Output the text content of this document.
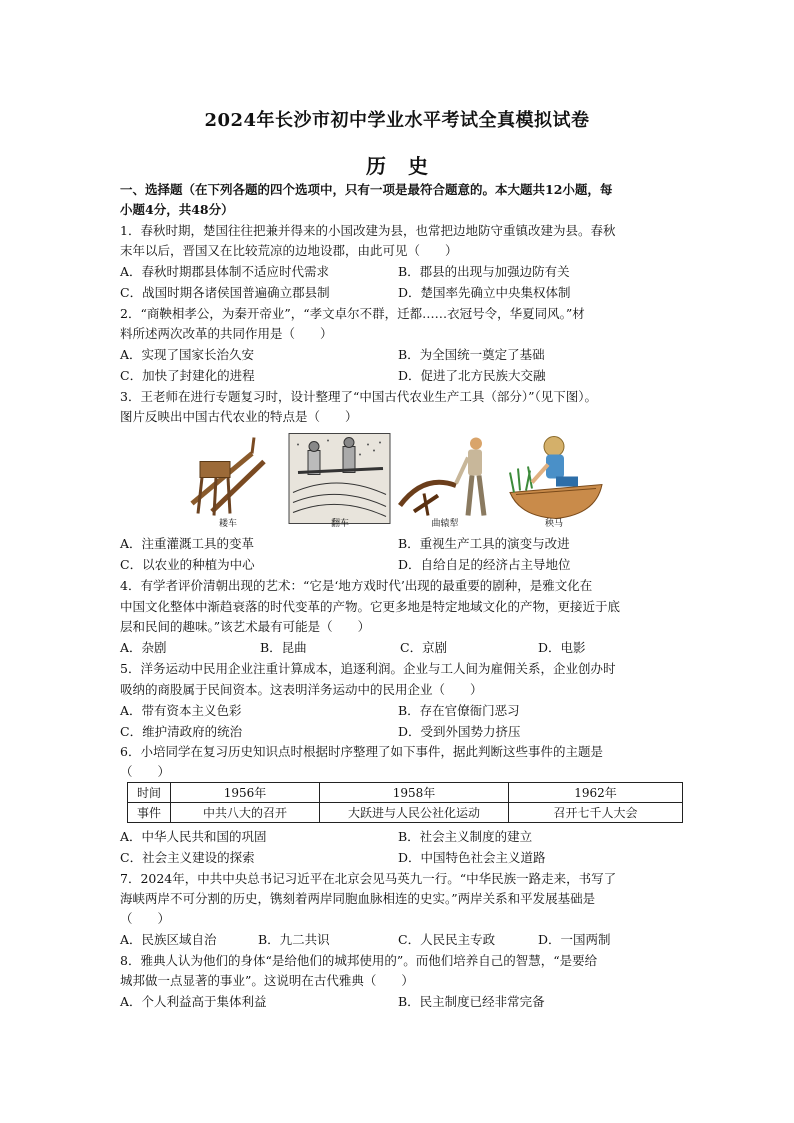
2024年长沙市初中学业水平考试全真模拟试卷
历史
一、选择题（在下列各题的四个选项中，只有一项是最符合题意的。本大题共12小题，每
小题4分，共48分）
1．春秋时期，楚国往往把兼并得来的小国改建为县，也常把边地防守重镇改建为县。春秋
末年以后，晋国又在比较荒凉的边地设郡，由此可见（　　）
A．春秋时期郡县体制不适应时代需求	B．郡县的出现与加强边防有关
C．战国时期各诸侯国普遍确立郡县制	D．楚国率先确立中央集权体制
2．“商鞅相孝公，为秦开帝业”，“孝文卓尔不群，迁都……衣冠号令，华夏同风。”材
料所述两次改革的共同作用是（　　）
A．实现了国家长治久安	B．为全国统一奠定了基础
C．加快了封建化的进程	D．促进了北方民族大交融
3．王老师在进行专题复习时，设计整理了“中国古代农业生产工具（部分）”（见下图）。
图片反映出中国古代农业的特点是（　　）
耧车	翻车	曲辕犁	秧马
A．注重灌溉工具的变革	B．重视生产工具的演变与改进
C．以农业的种植为中心	D．自给自足的经济占主导地位
4．有学者评价清朝出现的艺术：“它是‘地方戏时代’出现的最重要的剧种，是雅文化在
中国文化整体中渐趋衰落的时代变革的产物。它更多地是特定地域文化的产物，更接近于底
层和民间的趣味。”该艺术最有可能是（　　）
A．杂剧	B．昆曲	C．京剧	D．电影
5．洋务运动中民用企业注重计算成本，追逐利润。企业与工人间为雇佣关系，企业创办时
吸纳的商股属于民间资本。这表明洋务运动中的民用企业（　　）
A．带有资本主义色彩	B．存在官僚衙门恶习
C．维护清政府的统治	D．受到外国势力挤压
6．小培同学在复习历史知识点时根据时序整理了如下事件，据此判断这些事件的主题是
（　　）
时间	1956年	1958年	1962年
事件	中共八大的召开	大跃进与人民公社化运动	召开七千人大会
A．中华人民共和国的巩固	B．社会主义制度的建立
C．社会主义建设的探索	D．中国特色社会主义道路
7．2024年，中共中央总书记习近平在北京会见马英九一行。“中华民族一路走来，书写了
海峡两岸不可分割的历史，镌刻着两岸同胞血脉相连的史实。”两岸关系和平发展基础是
（　　）
A．民族区域自治	B．九二共识	C．人民民主专政	D．一国两制
8．雅典人认为他们的身体“是给他们的城邦使用的”。而他们培养自己的智慧，“是要给
城邦做一点显著的事业”。这说明在古代雅典（　　）
A．个人利益高于集体利益	B．民主制度已经非常完备
